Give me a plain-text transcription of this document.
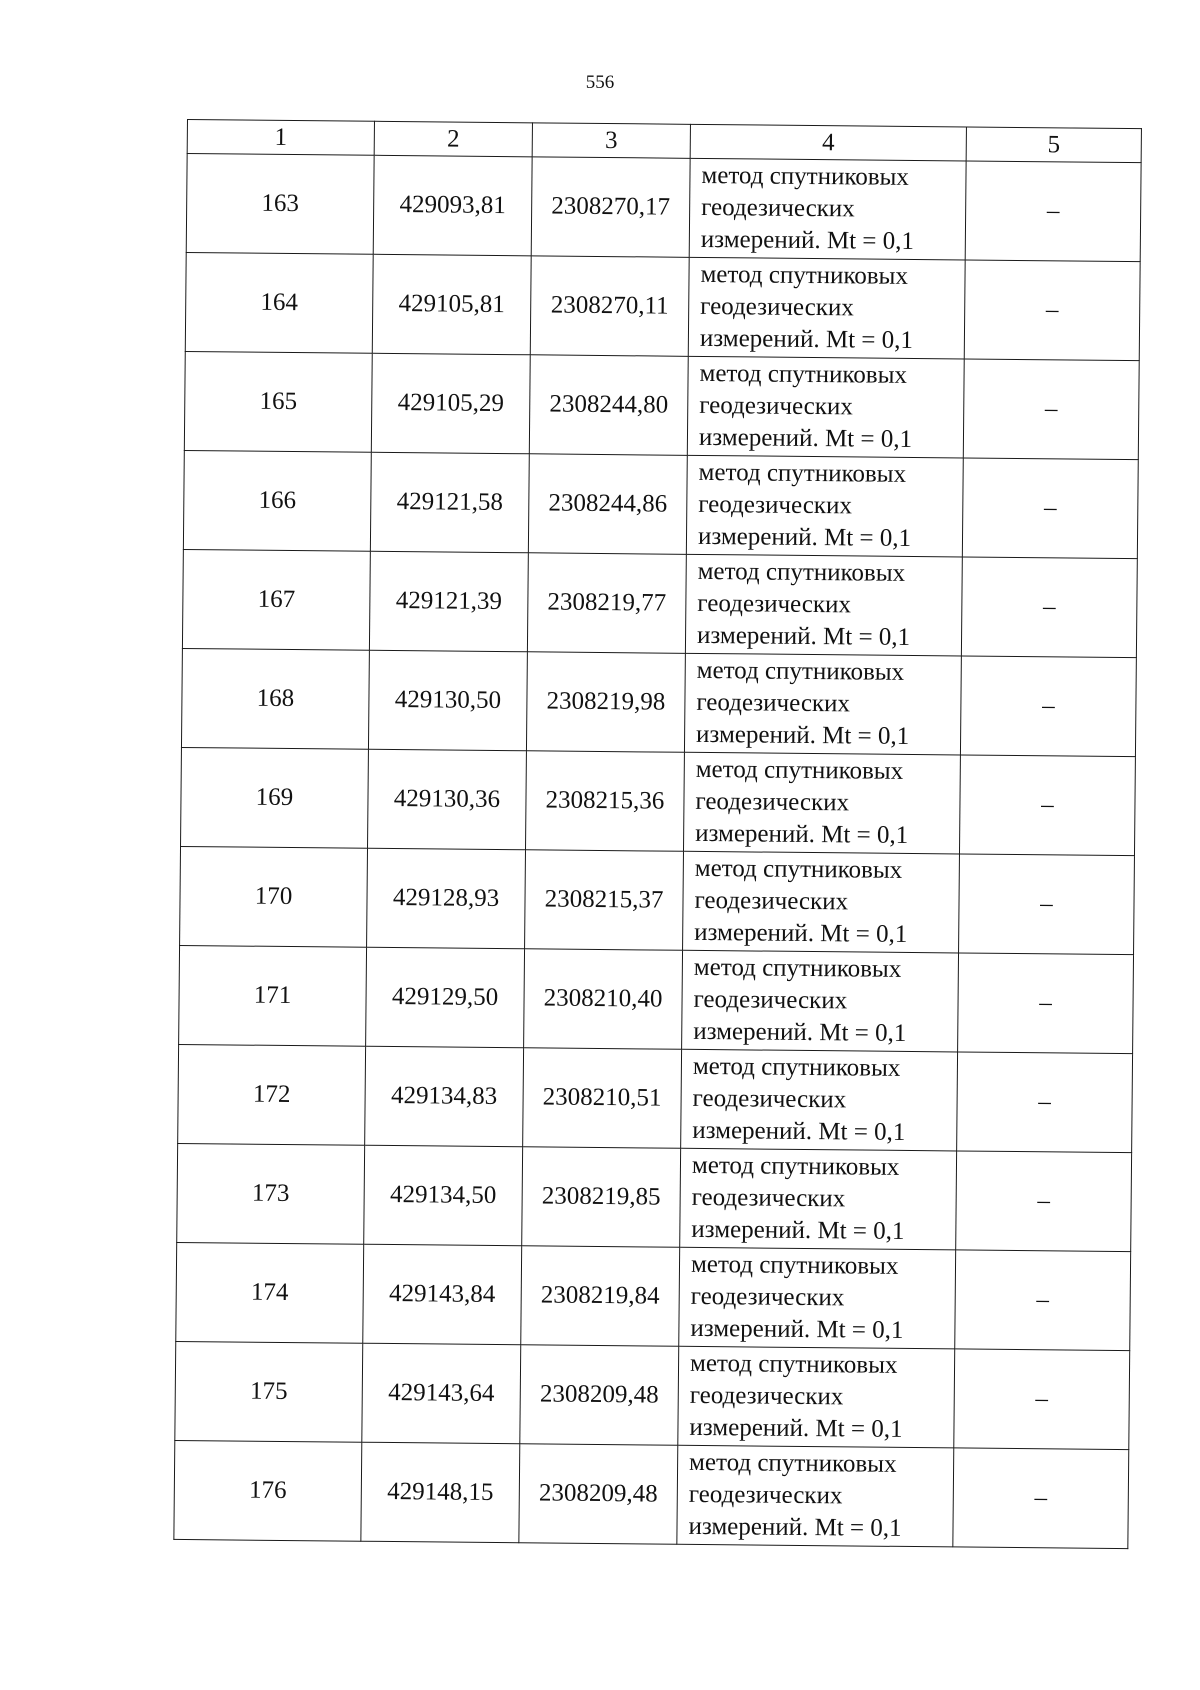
556
1	2	3	4	5
163	429093,81	2308270,17	метод спутниковых
геодезических
измерений. Mt = 0,1	–
164	429105,81	2308270,11	метод спутниковых
геодезических
измерений. Mt = 0,1	–
165	429105,29	2308244,80	метод спутниковых
геодезических
измерений. Mt = 0,1	–
166	429121,58	2308244,86	метод спутниковых
геодезических
измерений. Mt = 0,1	–
167	429121,39	2308219,77	метод спутниковых
геодезических
измерений. Mt = 0,1	–
168	429130,50	2308219,98	метод спутниковых
геодезических
измерений. Mt = 0,1	–
169	429130,36	2308215,36	метод спутниковых
геодезических
измерений. Mt = 0,1	–
170	429128,93	2308215,37	метод спутниковых
геодезических
измерений. Mt = 0,1	–
171	429129,50	2308210,40	метод спутниковых
геодезических
измерений. Mt = 0,1	–
172	429134,83	2308210,51	метод спутниковых
геодезических
измерений. Mt = 0,1	–
173	429134,50	2308219,85	метод спутниковых
геодезических
измерений. Mt = 0,1	–
174	429143,84	2308219,84	метод спутниковых
геодезических
измерений. Mt = 0,1	–
175	429143,64	2308209,48	метод спутниковых
геодезических
измерений. Mt = 0,1	–
176	429148,15	2308209,48	метод спутниковых
геодезических
измерений. Mt = 0,1	–
